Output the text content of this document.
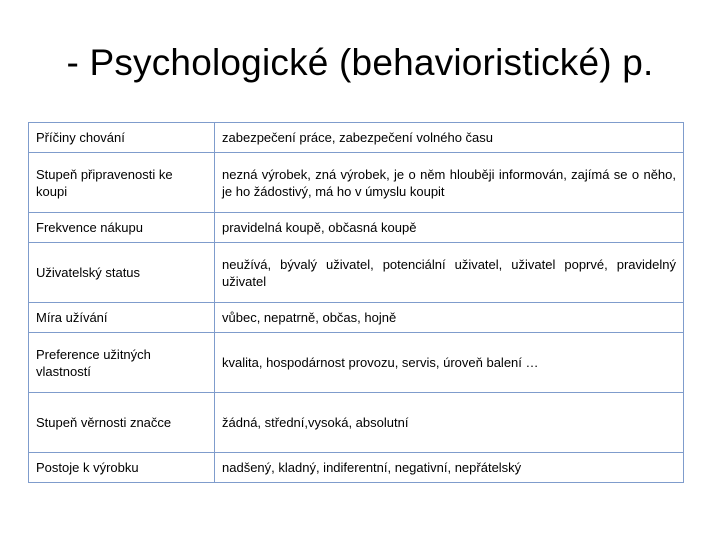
- Psychologické (behavioristické) p.
Příčiny chování	zabezpečení práce, zabezpečení volného času
Stupeň připravenosti ke koupi	nezná výrobek, zná výrobek, je o něm hlouběji informován, zajímá se o něho, je ho žádostivý, má ho v úmyslu koupit
Frekvence nákupu	pravidelná koupě, občasná koupě
Uživatelský status	neužívá, bývalý uživatel, potenciální uživatel, uživatel poprvé, pravidelný uživatel
Míra užívání	vůbec, nepatrně, občas, hojně
Preference užitných vlastností	kvalita, hospodárnost provozu, servis, úroveň balení …
Stupeň věrnosti značce	žádná, střední,vysoká, absolutní
Postoje k výrobku	nadšený, kladný, indiferentní, negativní, nepřátelský
